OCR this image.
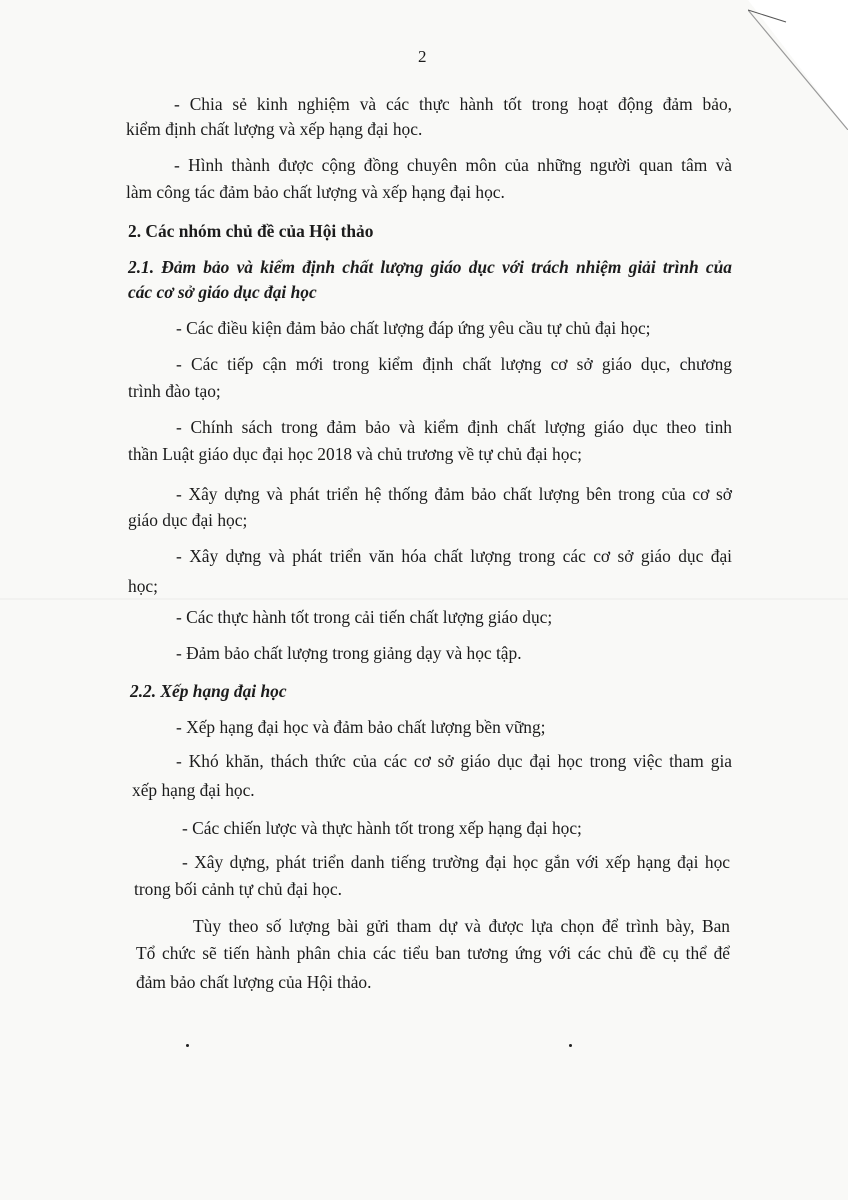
2
- Chia sẻ kinh nghiệm và các thực hành tốt trong hoạt động đảm bảo,
kiểm định chất lượng và xếp hạng đại học.
- Hình thành được cộng đồng chuyên môn của những người quan tâm và
làm công tác đảm bảo chất lượng và xếp hạng đại học.
2. Các nhóm chủ đề của Hội thảo
2.1. Đảm bảo và kiểm định chất lượng giáo dục với trách nhiệm giải trình của
các cơ sở giáo dục đại học
- Các điều kiện đảm bảo chất lượng đáp ứng yêu cầu tự chủ đại học;
- Các tiếp cận mới trong kiểm định chất lượng cơ sở giáo dục, chương
trình đào tạo;
- Chính sách trong đảm bảo và kiểm định chất lượng giáo dục theo tinh
thần Luật giáo dục đại học 2018 và chủ trương về tự chủ đại học;
- Xây dựng và phát triển hệ thống đảm bảo chất lượng bên trong của cơ sở
giáo dục đại học;
- Xây dựng và phát triển văn hóa chất lượng trong các cơ sở giáo dục đại
học;
- Các thực hành tốt trong cải tiến chất lượng giáo dục;
- Đảm bảo chất lượng trong giảng dạy và học tập.
2.2. Xếp hạng đại học
- Xếp hạng đại học và đảm bảo chất lượng bền vững;
- Khó khăn, thách thức của các cơ sở giáo dục đại học trong việc tham gia
xếp hạng đại học.
- Các chiến lược và thực hành tốt trong xếp hạng đại học;
- Xây dựng, phát triển danh tiếng trường đại học gắn với xếp hạng đại học
trong bối cảnh tự chủ đại học.
Tùy theo số lượng bài gửi tham dự và được lựa chọn để trình bày, Ban
Tổ chức sẽ tiến hành phân chia các tiểu ban tương ứng với các chủ đề cụ thể để
đảm bảo chất lượng của Hội thảo.
